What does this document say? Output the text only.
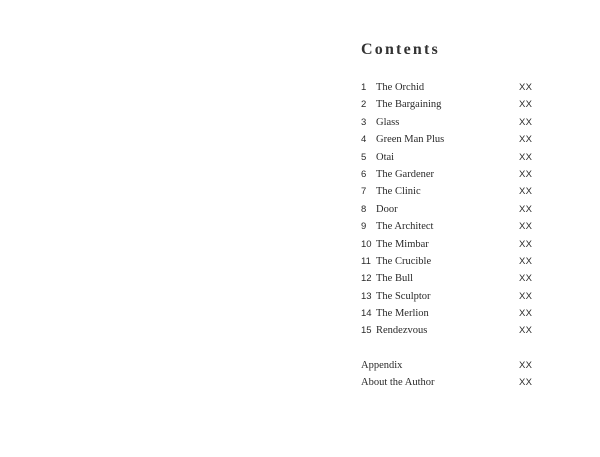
Contents
1 The Orchid	XX
2 The Bargaining	XX
3 Glass	XX
4 Green Man Plus	XX
5 Otai	XX
6 The Gardener	XX
7 The Clinic	XX
8 Door	XX
9 The Architect	XX
10 The Mimbar	XX
11 The Crucible	XX
12 The Bull	XX
13 The Sculptor	XX
14 The Merlion	XX
15 Rendezvous	XX
Appendix	XX
About the Author	XX
